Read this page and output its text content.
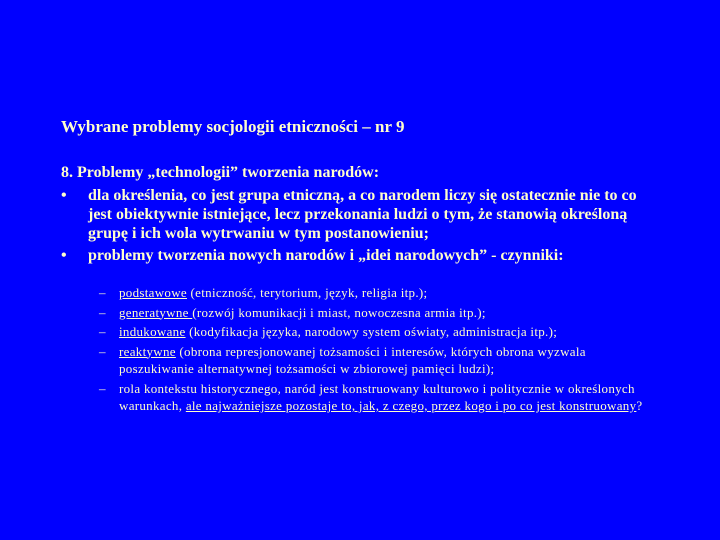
Wybrane problemy socjologii etniczności – nr 9
8. Problemy „technologii” tworzenia narodów:
• dla określenia, co jest grupa etniczną, a co narodem liczy się ostatecznie nie to co jest obiektywnie istniejące, lecz przekonania ludzi o tym, że stanowią określoną grupę i ich wola wytrwaniu w tym postanowieniu;
• problemy tworzenia nowych narodów i „idei narodowych” - czynniki:
– podstawowe (etniczność, terytorium, język, religia itp.);
– generatywne (rozwój komunikacji i miast, nowoczesna armia itp.);
– indukowane (kodyfikacja języka, narodowy system oświaty, administracja itp.);
– reaktywne (obrona represjonowanej tożsamości i interesów, których obrona wyzwala poszukiwanie alternatywnej tożsamości w zbiorowej pamięci ludzi);
– rola kontekstu historycznego, naród jest konstruowany kulturowo i politycznie w określonych warunkach, ale najważniejsze pozostaje to, jak, z czego, przez kogo i po co jest konstruowany?
